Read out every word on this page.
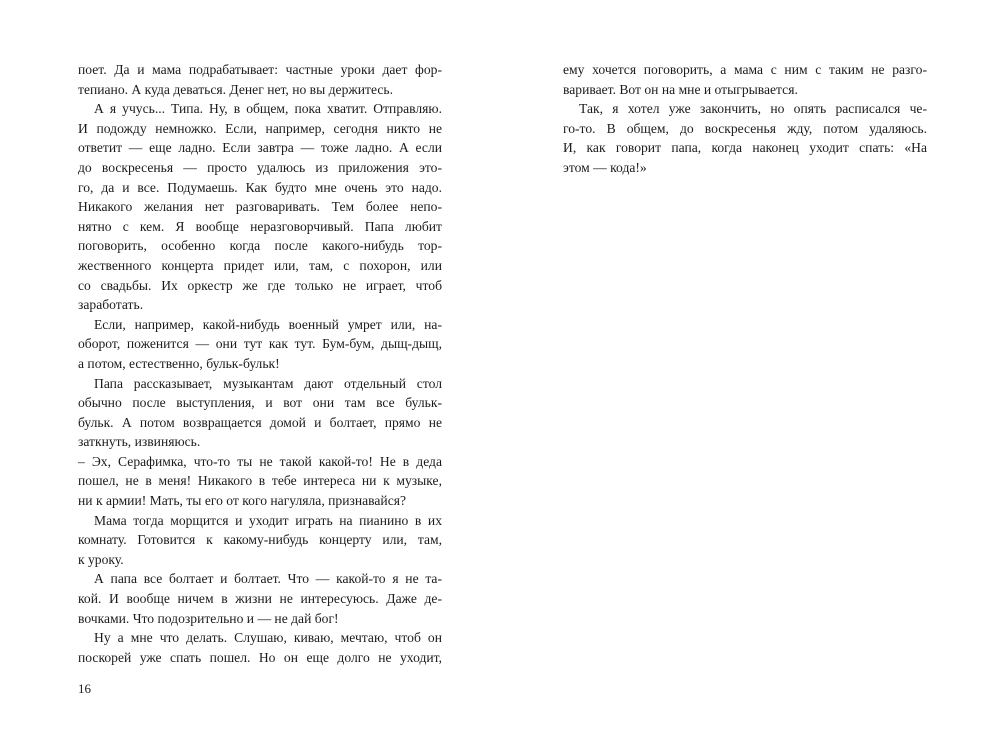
поет. Да и мама подрабатывает: частные уроки дает фор-
тепиано. А куда деваться. Денег нет, но вы держитесь.
А я учусь... Типа. Ну, в общем, пока хватит. Отправляю.
И подожду немножко. Если, например, сегодня никто не
ответит — еще ладно. Если завтра — тоже ладно. А если
до воскресенья — просто удалюсь из приложения это-
го, да и все. Подумаешь. Как будто мне очень это надо.
Никакого желания нет разговаривать. Тем более непо-
нятно с кем. Я вообще неразговорчивый. Папа любит
поговорить, особенно когда после какого-нибудь тор-
жественного концерта придет или, там, с похорон, или
со свадьбы. Их оркестр же где только не играет, чтоб
заработать.
Если, например, какой-нибудь военный умрет или, на-
оборот, поженится — они тут как тут. Бум-бум, дыщ-дыщ,
а потом, естественно, бульк-бульк!
Папа рассказывает, музыкантам дают отдельный стол
обычно после выступления, и вот они там все бульк-
бульк. А потом возвращается домой и болтает, прямо не
заткнуть, извиняюсь.
– Эх, Серафимка, что-то ты не такой какой-то! Не в деда
пошел, не в меня! Никакого в тебе интереса ни к музыке,
ни к армии! Мать, ты его от кого нагуляла, признавайся?
Мама тогда морщится и уходит играть на пианино в их
комнату. Готовится к какому-нибудь концерту или, там,
к уроку.
А папа все болтает и болтает. Что — какой-то я не та-
кой. И вообще ничем в жизни не интересуюсь. Даже де-
вочками. Что подозрительно и — не дай бог!
Ну а мне что делать. Слушаю, киваю, мечтаю, чтоб он
поскорей уже спать пошел. Но он еще долго не уходит,
16
ему хочется поговорить, а мама с ним с таким не разго-
варивает. Вот он на мне и отыгрывается.
Так, я хотел уже закончить, но опять расписался че-
го-то. В общем, до воскресенья жду, потом удаляюсь.
И, как говорит папа, когда наконец уходит спать: «На
этом — кода!»
